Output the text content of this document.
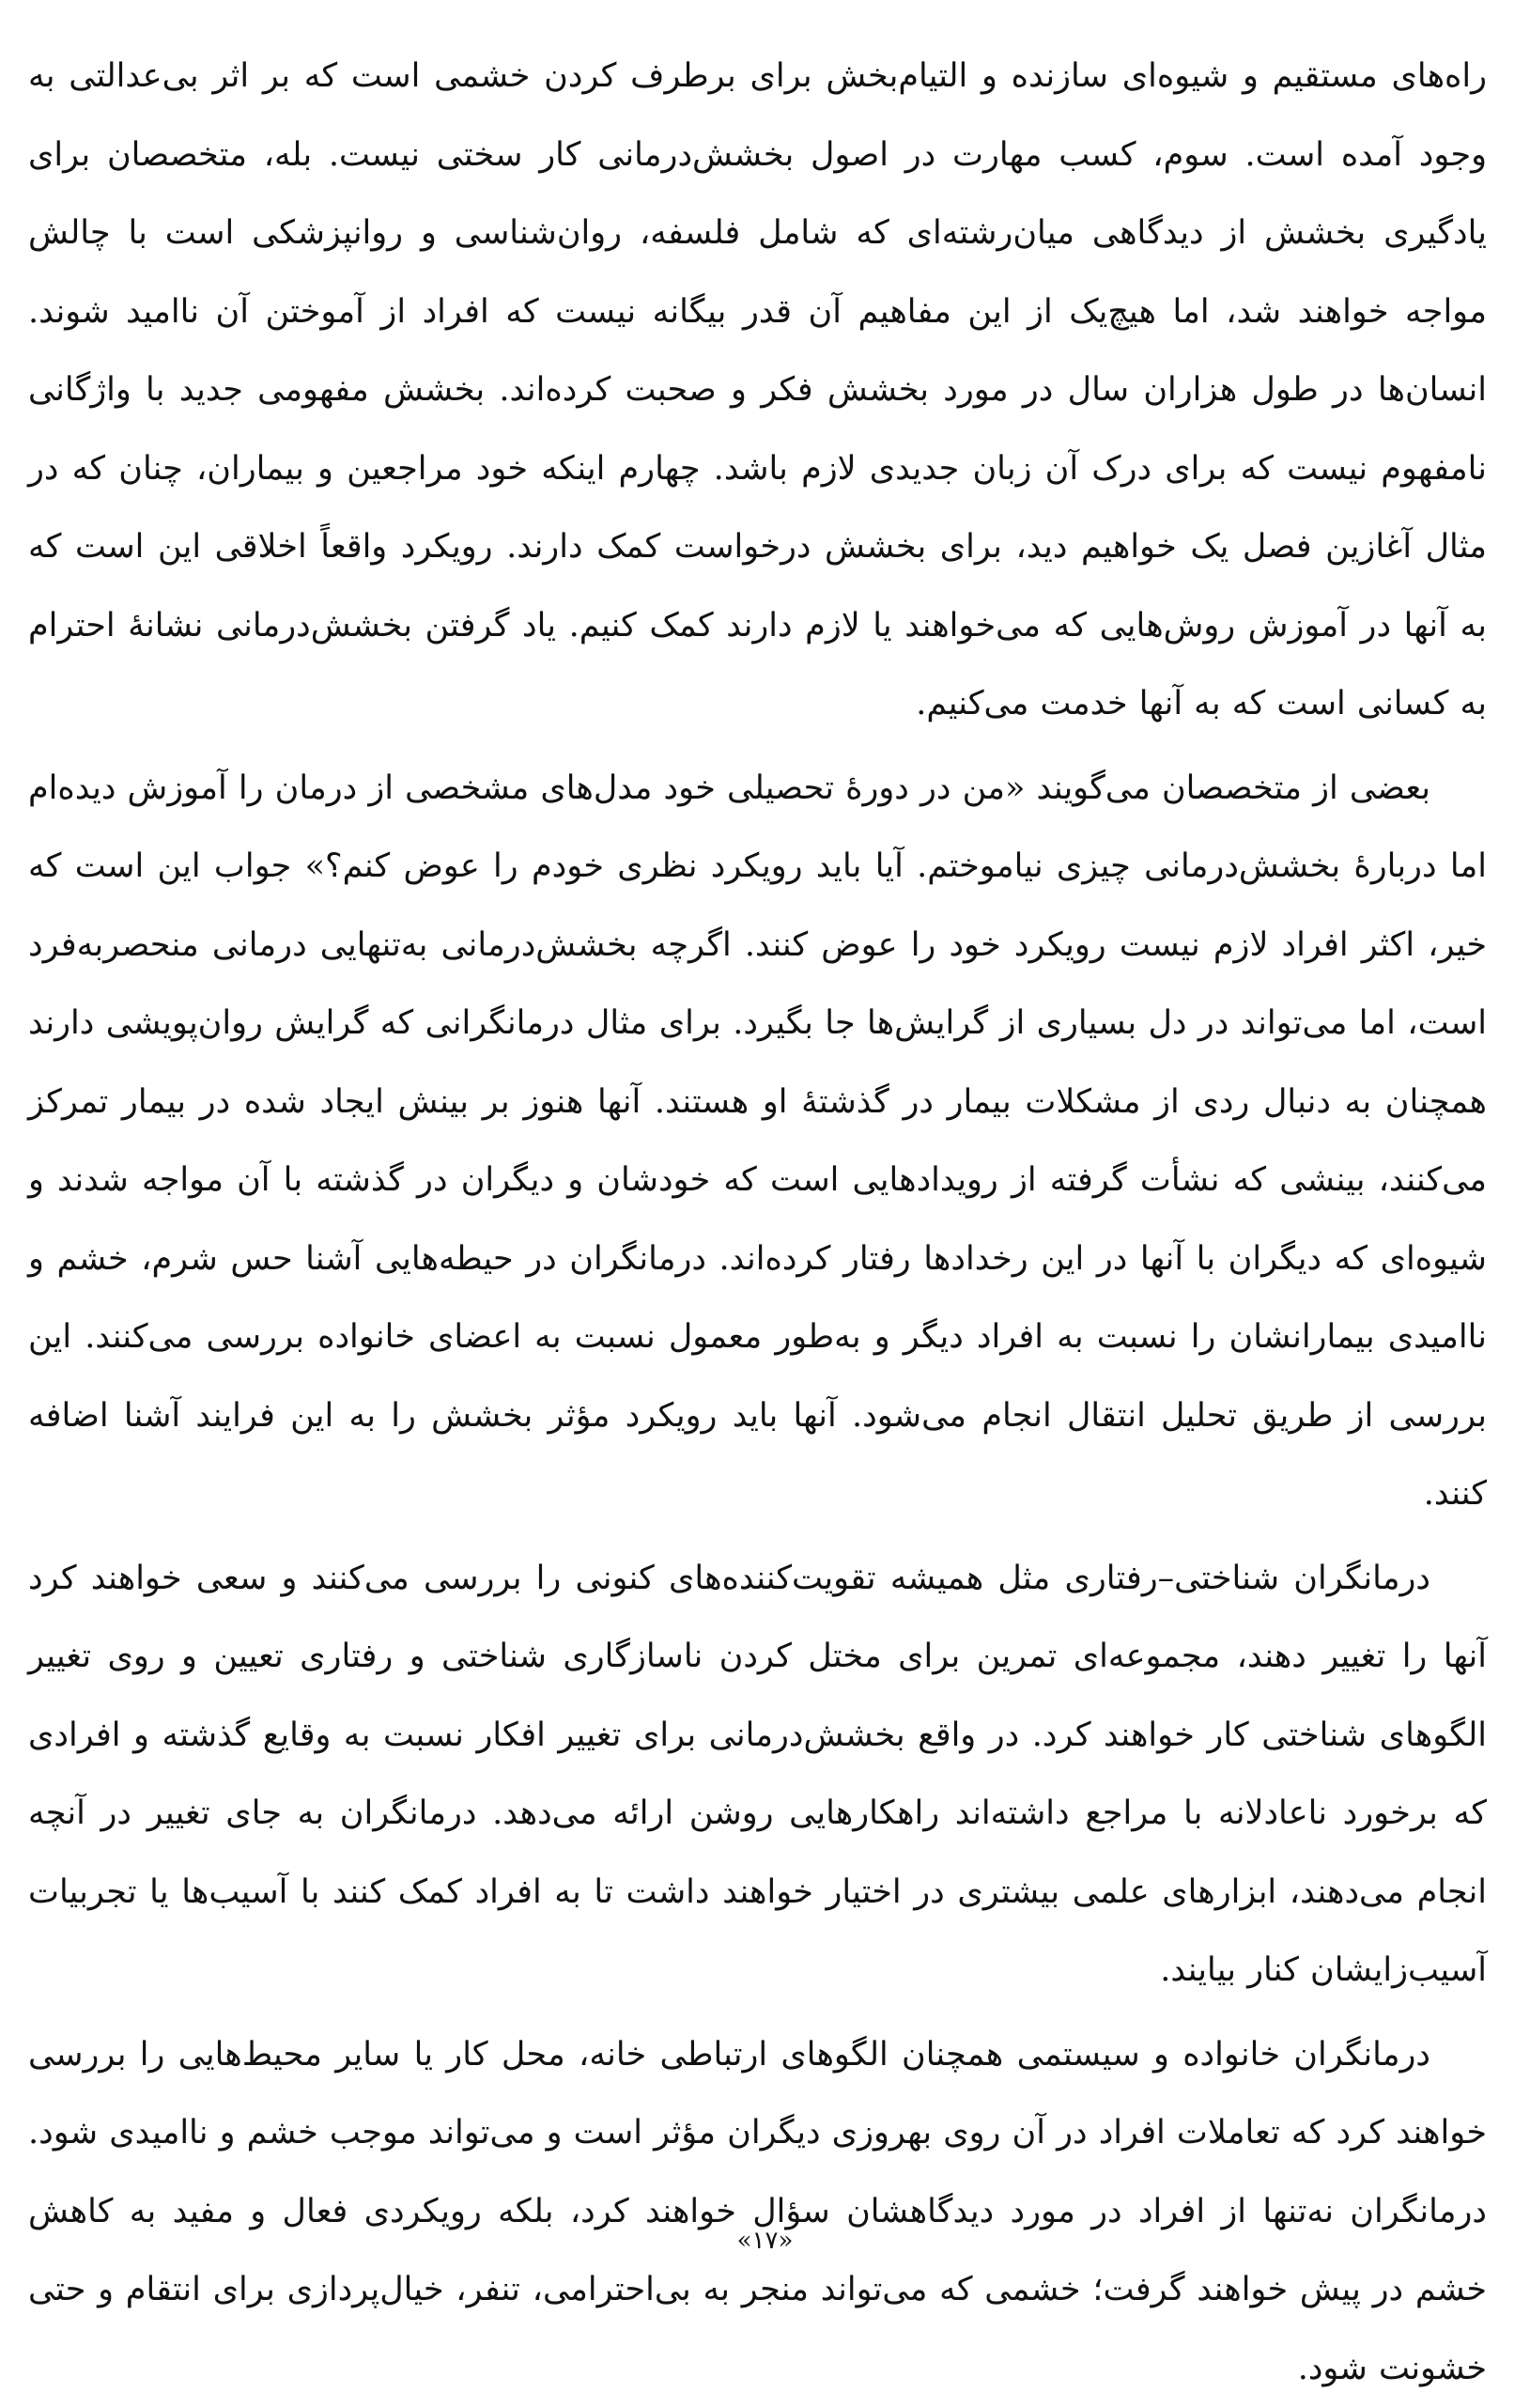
راه‌های مستقیم و شیوه‌ای سازنده و التیام‌بخش برای برطرف کردن خشمی است که بر اثر بی‌عدالتی به وجود آمده است. سوم، کسب مهارت در اصول بخشش‌درمانی کار سختی نیست. بله، متخصصان برای یادگیری بخشش از دیدگاهی میان‌رشته‌ای که شامل فلسفه، روان‌شناسی و روانپزشکی است با چالش مواجه خواهند شد، اما هیچ‌یک از این مفاهیم آن قدر بیگانه نیست که افراد از آموختن آن ناامید شوند. انسان‌ها در طول هزاران سال در مورد بخشش فکر و صحبت کرده‌اند. بخشش مفهومی جدید با واژگانی نامفهوم نیست که برای درک آن زبان جدیدی لازم باشد. چهارم اینکه خود مراجعین و بیماران، چنان که در مثال آغازین فصل یک خواهیم دید، برای بخشش درخواست کمک دارند. رویکرد واقعاً اخلاقی این است که به آنها در آموزش روش‌هایی که می‌خواهند یا لازم دارند کمک کنیم. یاد گرفتن بخشش‌درمانی نشانهٔ احترام به کسانی است که به آنها خدمت می‌کنیم.

بعضی از متخصصان می‌گویند «من در دورهٔ تحصیلی خود مدل‌های مشخصی از درمان را آموزش دیده‌ام اما دربارهٔ بخشش‌درمانی چیزی نیاموختم. آیا باید رویکرد نظری خودم را عوض کنم؟» جواب این است که خیر، اکثر افراد لازم نیست رویکرد خود را عوض کنند. اگرچه بخشش‌درمانی به‌تنهایی درمانی منحصربه‌فرد است، اما می‌تواند در دل بسیاری از گرایش‌ها جا بگیرد. برای مثال درمانگرانی که گرایش روان‌پویشی دارند همچنان به دنبال ردی از مشکلات بیمار در گذشتهٔ او هستند. آنها هنوز بر بینش ایجاد شده در بیمار تمرکز می‌کنند، بینشی که نشأت گرفته از رویدادهایی است که خودشان و دیگران در گذشته با آن مواجه شدند و شیوه‌ای که دیگران با آنها در این رخدادها رفتار کرده‌اند. درمانگران در حیطه‌هایی آشنا حس شرم، خشم و ناامیدی بیمارانشان را نسبت به افراد دیگر و به‌طور معمول نسبت به اعضای خانواده بررسی می‌کنند. این بررسی از طریق تحلیل انتقال انجام می‌شود. آنها باید رویکرد مؤثر بخشش را به این فرایند آشنا اضافه کنند.

درمانگران شناختی–رفتاری مثل همیشه تقویت‌کننده‌های کنونی را بررسی می‌کنند و سعی خواهند کرد آنها را تغییر دهند، مجموعه‌ای تمرین برای مختل کردن ناسازگاری شناختی و رفتاری تعیین و روی تغییر الگوهای شناختی کار خواهند کرد. در واقع بخشش‌درمانی برای تغییر افکار نسبت به وقایع گذشته و افرادی که برخورد ناعادلانه با مراجع داشته‌اند راهکارهایی روشن ارائه می‌دهد. درمانگران به جای تغییر در آنچه انجام می‌دهند، ابزارهای علمی بیشتری در اختیار خواهند داشت تا به افراد کمک کنند با آسیب‌ها یا تجربیات آسیب‌زایشان کنار بیایند.

درمانگران خانواده و سیستمی همچنان الگوهای ارتباطی خانه، محل کار یا سایر محیط‌هایی را بررسی خواهند کرد که تعاملات افراد در آن روی بهروزی دیگران مؤثر است و می‌تواند موجب خشم و ناامیدی شود. درمانگران نه‌تنها از افراد در مورد دیدگاهشان سؤال خواهند کرد، بلکه رویکردی فعال و مفید به کاهش خشم در پیش خواهند گرفت؛ خشمی که می‌تواند منجر به بی‌احترامی، تنفر، خیال‌پردازی برای انتقام و حتی خشونت شود.

«۱۷»
